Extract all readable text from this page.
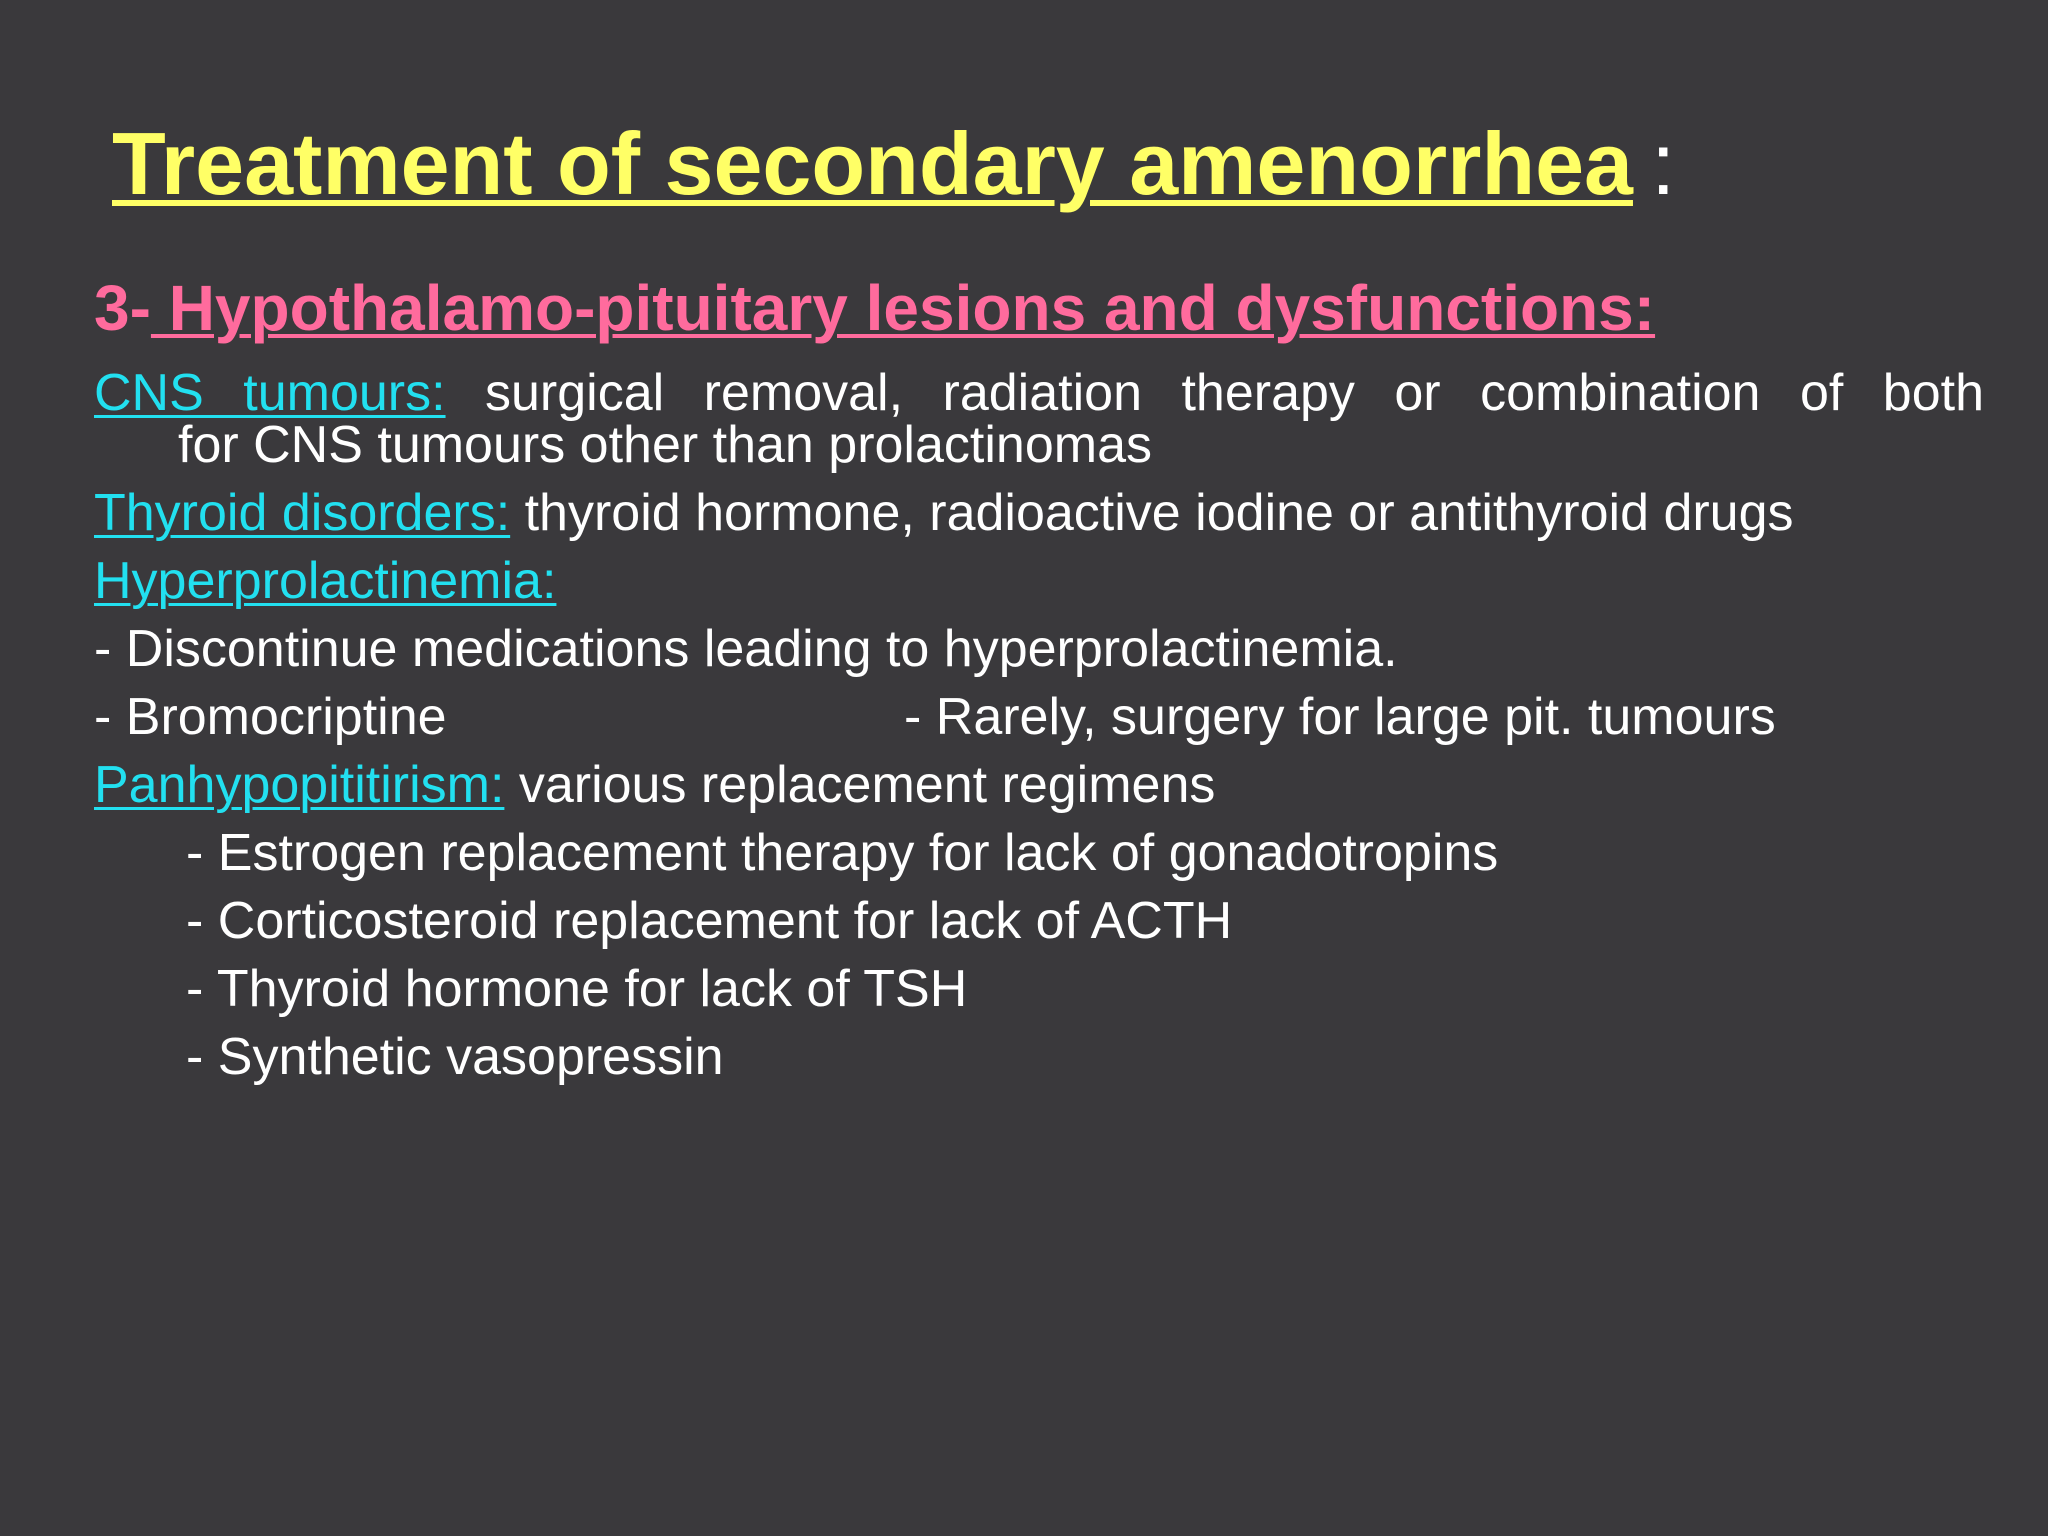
Treatment of secondary amenorrhea :
3- Hypothalamo-pituitary lesions and dysfunctions:
CNS tumours: surgical removal, radiation therapy or combination of both
for CNS tumours other than prolactinomas
Thyroid disorders: thyroid hormone, radioactive iodine or antithyroid drugs
Hyperprolactinemia:
- Discontinue medications leading to hyperprolactinemia.
- Bromocriptine	- Rarely, surgery for large pit. tumours
Panhypopititirism: various replacement regimens
- Estrogen replacement therapy for lack of gonadotropins
- Corticosteroid replacement for lack of ACTH
- Thyroid hormone for lack of TSH
- Synthetic vasopressin
